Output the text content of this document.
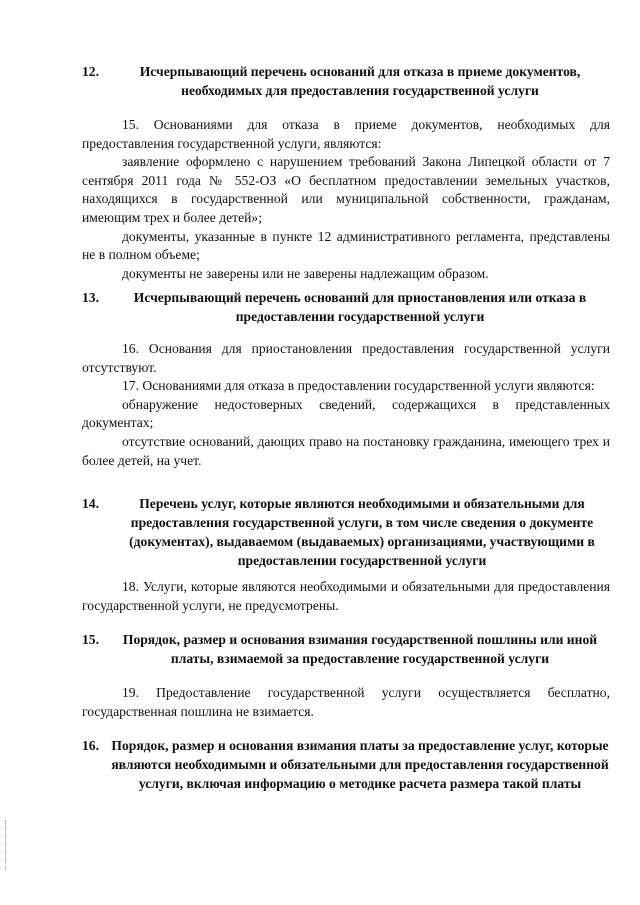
12.	Исчерпывающий перечень оснований для отказа в приеме документов, необходимых для предоставления государственной услуги

15. Основаниями для отказа в приеме документов, необходимых для предоставления государственной услуги, являются:

заявление оформлено с нарушением требований Закона Липецкой области от 7 сентября 2011 года № 552-ОЗ «О бесплатном предоставлении земельных участков, находящихся в государственной или муниципальной собственности, гражданам, имеющим трех и более детей»;

документы, указанные в пункте 12 административного регламента, представлены не в полном объеме;

документы не заверены или не заверены надлежащим образом.

13.	Исчерпывающий перечень оснований для приостановления или отказа в предоставлении государственной услуги

16. Основания для приостановления предоставления государственной услуги отсутствуют.

17. Основаниями для отказа в предоставлении государственной услуги являются:

обнаружение недостоверных сведений, содержащихся в представленных документах;

отсутствие оснований, дающих право на постановку гражданина, имеющего трех и более детей, на учет.

14.	Перечень услуг, которые являются необходимыми и обязательными для предоставления государственной услуги, в том числе сведения о документе (документах), выдаваемом (выдаваемых) организациями, участвующими в предоставлении государственной услуги

18. Услуги, которые являются необходимыми и обязательными для предоставления государственной услуги, не предусмотрены.

15.	Порядок, размер и основания взимания государственной пошлины или иной платы, взимаемой за предоставление государственной услуги

19. Предоставление государственной услуги осуществляется бесплатно, государственная пошлина не взимается.

16. Порядок, размер и основания взимания платы за предоставление услуг, которые являются необходимыми и обязательными для предоставления государственной услуги, включая информацию о методике расчета размера такой платы
